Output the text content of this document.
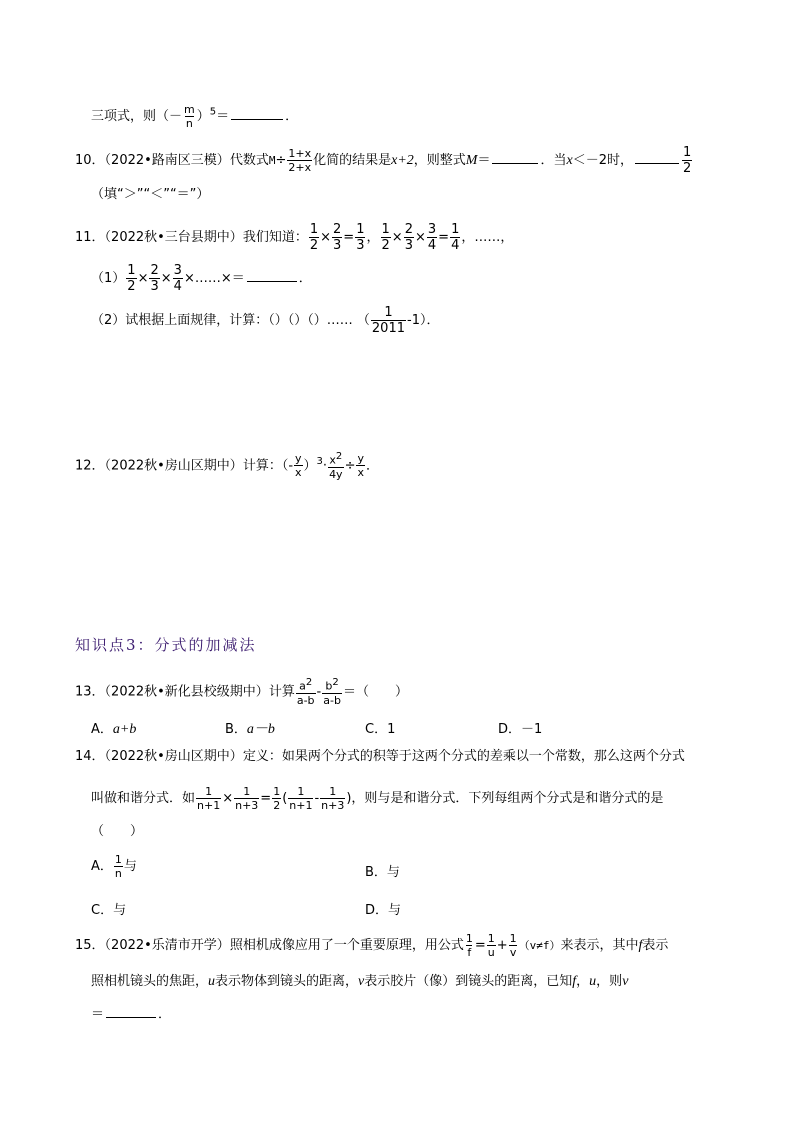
三项式，则（－ $\frac{m}{n} )^5=$	．
10．（2022•路南区三模）代数式$M\div \frac{1+x}{2+x}$ 化简的结果是x+2，则整式M＝	．当x＜－2时，	$\frac{1}{2}$
（填“＞”“＜”“＝”）
11．（2022秋•三台县期中）我们知道： $\frac{1}{2} \times \frac{2}{3} = \frac{1}{3}$ ， $\frac{1}{2} \times \frac{2}{3} \times \frac{3}{4} = \frac{1}{4}$ ，……，
$(1) \frac{1}{2} \times \frac{2}{3} \times \frac{3}{4}$ ×……×＝	．
（2）试根据上面规律，计算：（）（）（）…… （ $\frac{1}{2011} -1$）．
12．（2022秋•房山区期中）计算：（- $\frac{y}{x} )^3\cdot \frac{x2}{4y} \div \frac{y}{x}$ ．
知识点3：分式的加减法
13．（2022秋•新化县校级期中）计算 $\frac{a2}{a-b} - \frac{b2}{a-b}$ ＝（　　）
A．a+b	B．a－b	C．1	D．－1
14．（2022秋•房山区期中）定义：如果两个分式的积等于这两个分式的差乘以一个常数，那么这两个分式
叫做和谐分式．如 $\frac{1}{n+1} \times \frac{1}{n+3} = \frac{1}{2}$ ( $\frac{1}{n+1} - \frac{1}{n+3}$ )，则与是和谐分式．下列每组两个分式是和谐分式的是
（　　）
A． $\frac{1}{n}$ 与	B．与
C．与	D．与
15．（2022•乐清市开学）照相机成像应用了一个重要原理，用公式 $\frac{1}{f} = \frac{1}{u} + \frac{1}{v} (v\ne f)$来表示，其中f表示
照相机镜头的焦距，u表示物体到镜头的距离，v表示胶片（像）到镜头的距离，已知f，u，则v
＝	．
